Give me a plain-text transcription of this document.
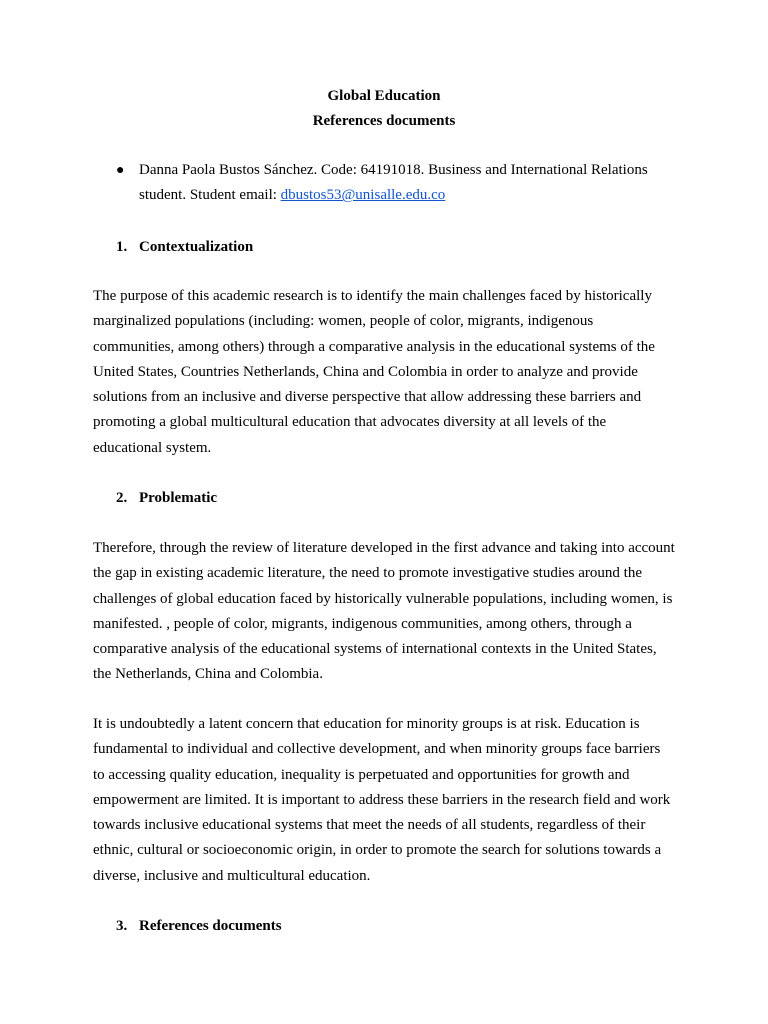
Global Education

References documents

● Danna Paola Bustos Sánchez. Code: 64191018. Business and International Relations student. Student email: dbustos53@unisalle.edu.co

1. Contextualization

The purpose of this academic research is to identify the main challenges faced by historically marginalized populations (including: women, people of color, migrants, indigenous communities, among others) through a comparative analysis in the educational systems of the United States, Countries Netherlands, China and Colombia in order to analyze and provide solutions from an inclusive and diverse perspective that allow addressing these barriers and promoting a global multicultural education that advocates diversity at all levels of the educational system.

2. Problematic

Therefore, through the review of literature developed in the first advance and taking into account the gap in existing academic literature, the need to promote investigative studies around the challenges of global education faced by historically vulnerable populations, including women, is manifested. , people of color, migrants, indigenous communities, among others, through a comparative analysis of the educational systems of international contexts in the United States, the Netherlands, China and Colombia.

It is undoubtedly a latent concern that education for minority groups is at risk. Education is fundamental to individual and collective development, and when minority groups face barriers to accessing quality education, inequality is perpetuated and opportunities for growth and empowerment are limited. It is important to address these barriers in the research field and work towards inclusive educational systems that meet the needs of all students, regardless of their ethnic, cultural or socioeconomic origin, in order to promote the search for solutions towards a diverse, inclusive and multicultural education.

3. References documents
